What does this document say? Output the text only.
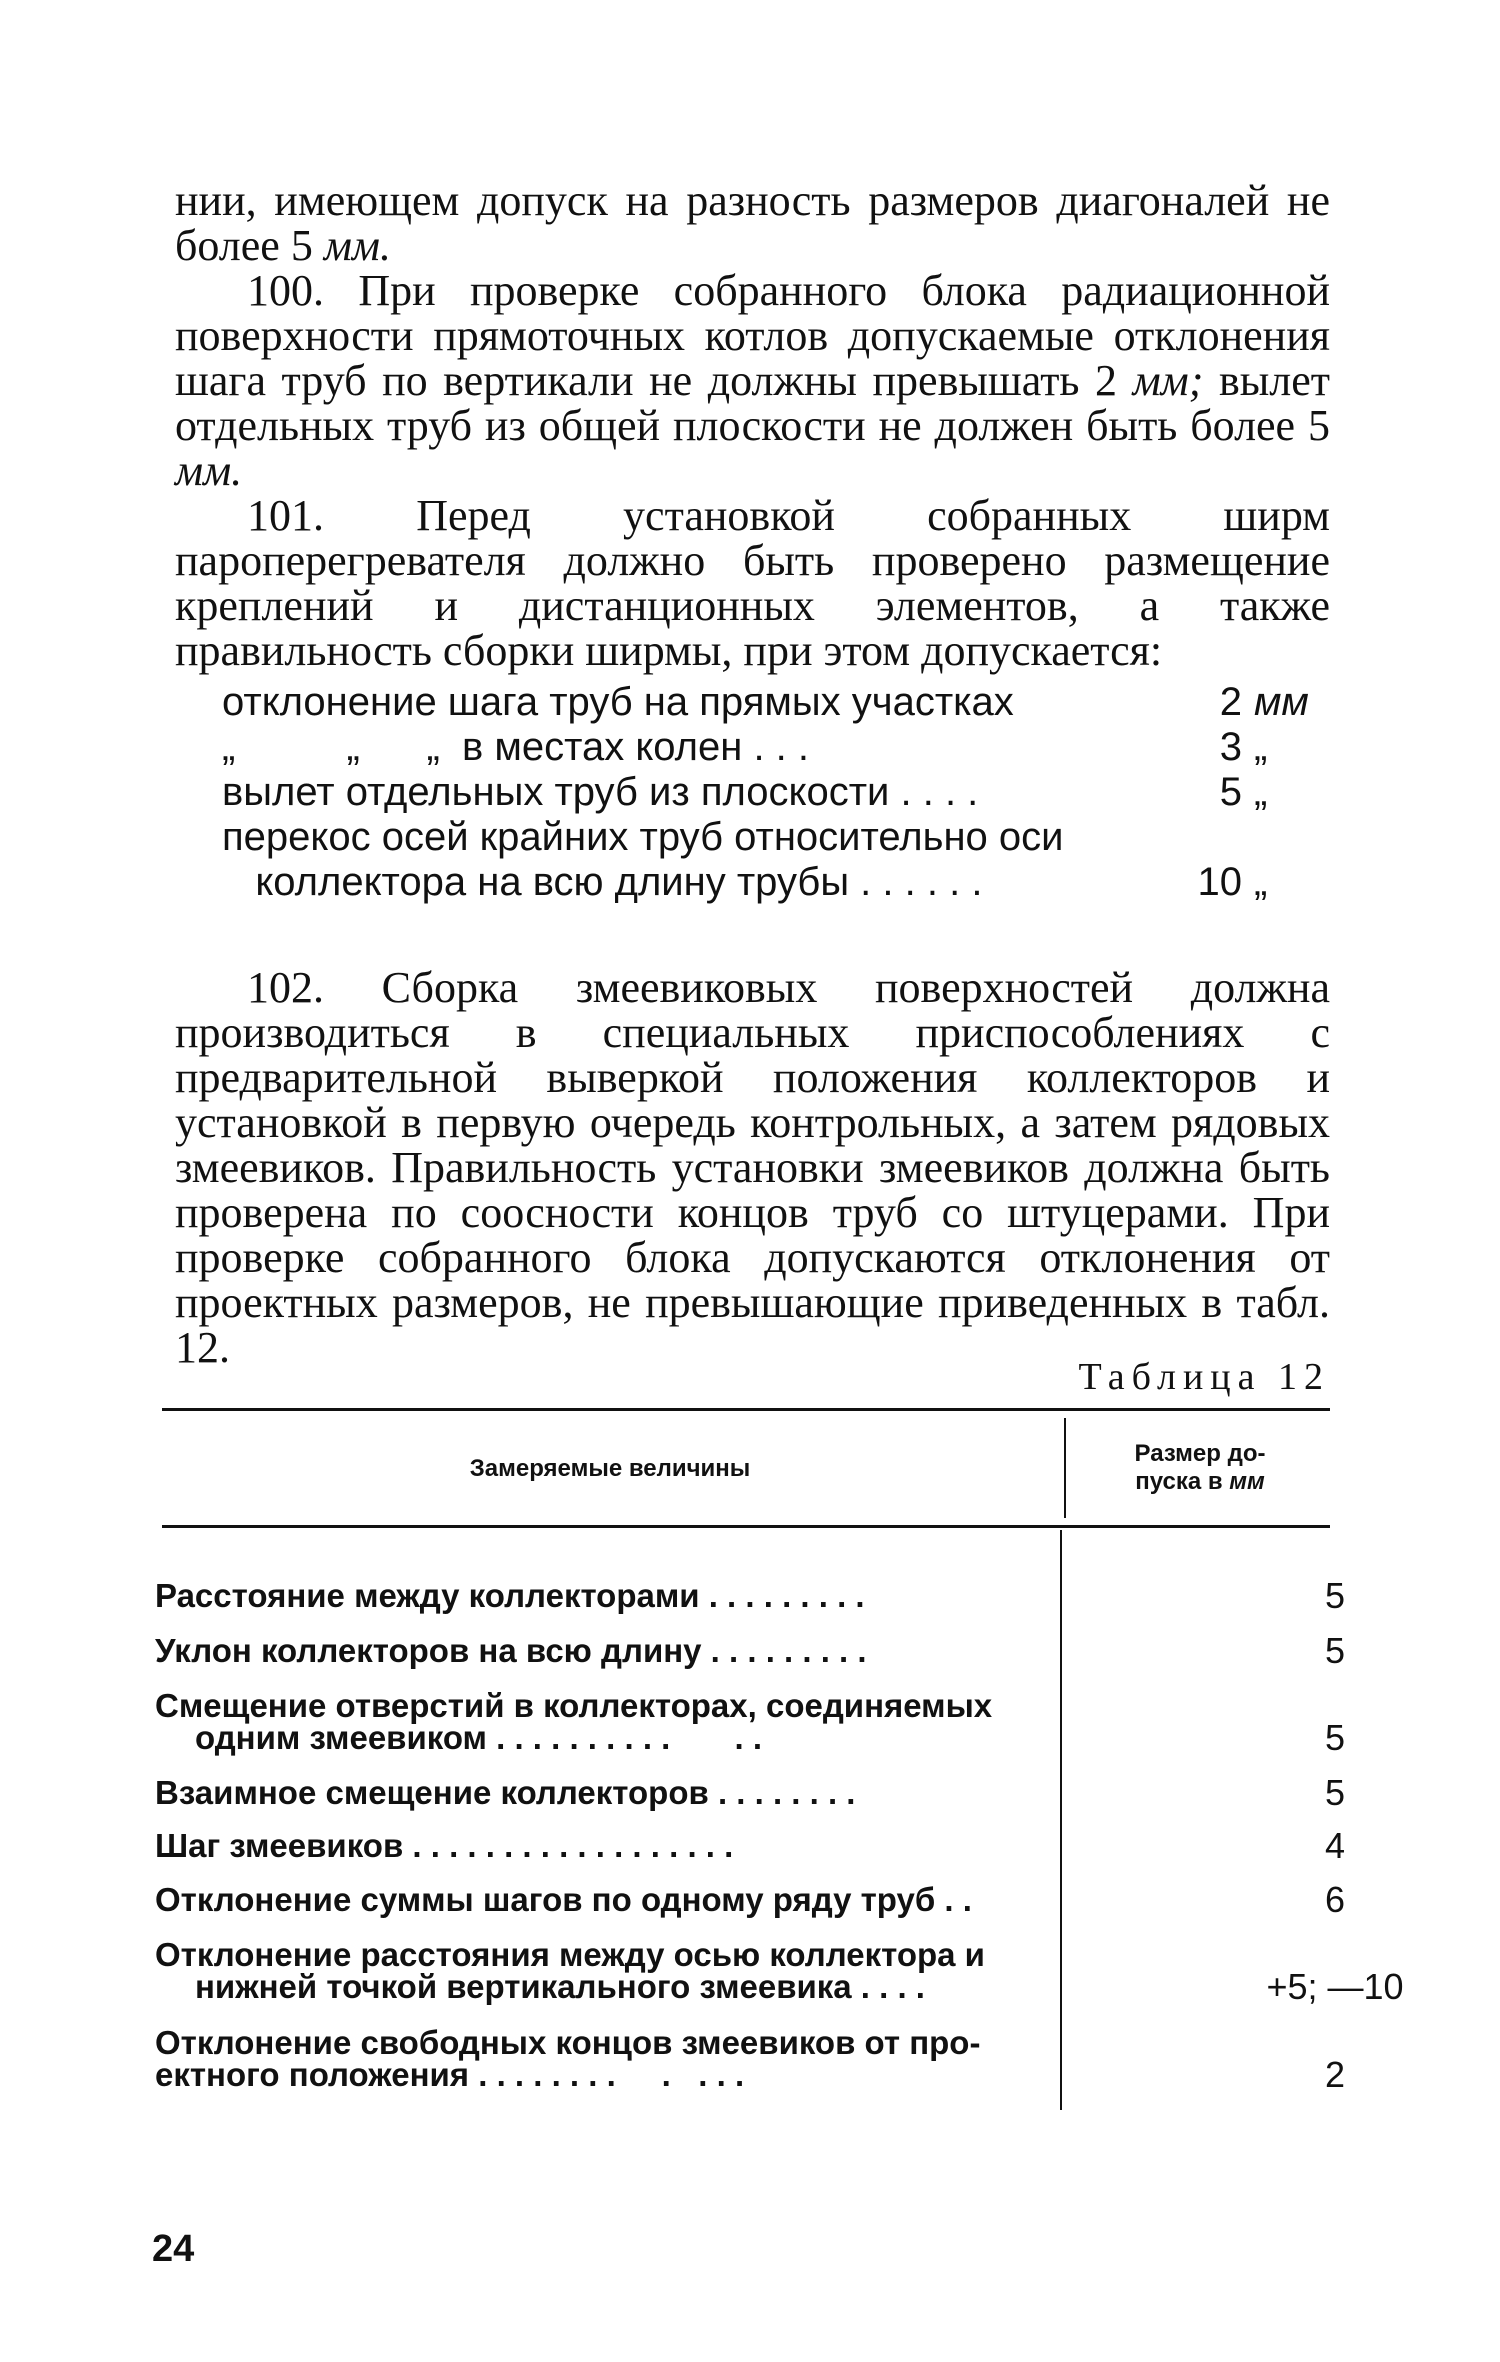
нии, имеющем допуск на разность размеров диагоналей не более 5 мм.
100. При проверке собранного блока радиационной поверхности прямоточных котлов допускаемые отклонения шага труб по вертикали не должны превышать 2 мм; вылет отдельных труб из общей плоскости не должен быть более 5 мм.
101. Перед установкой собранных ширм пароперегревателя должно быть проверено размещение креплений и дистанционных элементов, а также правильность сборки ширмы, при этом допускается:
отклонение шага труб на прямых участках	2 мм
„          „      „  в местах колен . . .	3 „
вылет отдельных труб из плоскости . . . .	5 „
перекос осей крайних труб относительно оси
коллектора на всю длину трубы . . . . . .	10 „
102. Сборка змеевиковых поверхностей должна производиться в специальных приспособлениях с предварительной выверкой положения коллекторов и установкой в первую очередь контрольных, а затем рядовых змеевиков. Правильность установки змеевиков должна быть проверена по соосности концов труб со штуцерами. При проверке собранного блока допускаются отклонения от проектных размеров, не превышающие приведенных в табл. 12.
Таблица 12
Замеряемые величины
Размер до-
пуска в мм
Расстояние между коллекторами . . . . . . . . .	5
Уклон коллекторов на всю длину . . . . . . . . .	5
Смещение отверстий в коллекторах, соединяемых
одним змеевиком . . . . . . . . . .       . .	5
Взаимное смещение коллекторов . . . . . . . .	5
Шаг змеевиков . . . . . . . . . . . . . . . . . .	4
Отклонение суммы шагов по одному ряду труб . .	6
Отклонение расстояния между осью коллектора и
нижней точкой вертикального змеевика . . . .	+5; —10
Отклонение свободных концов змеевиков от про-
ектного положения . . . . . . . .     .   . . .	2
24
